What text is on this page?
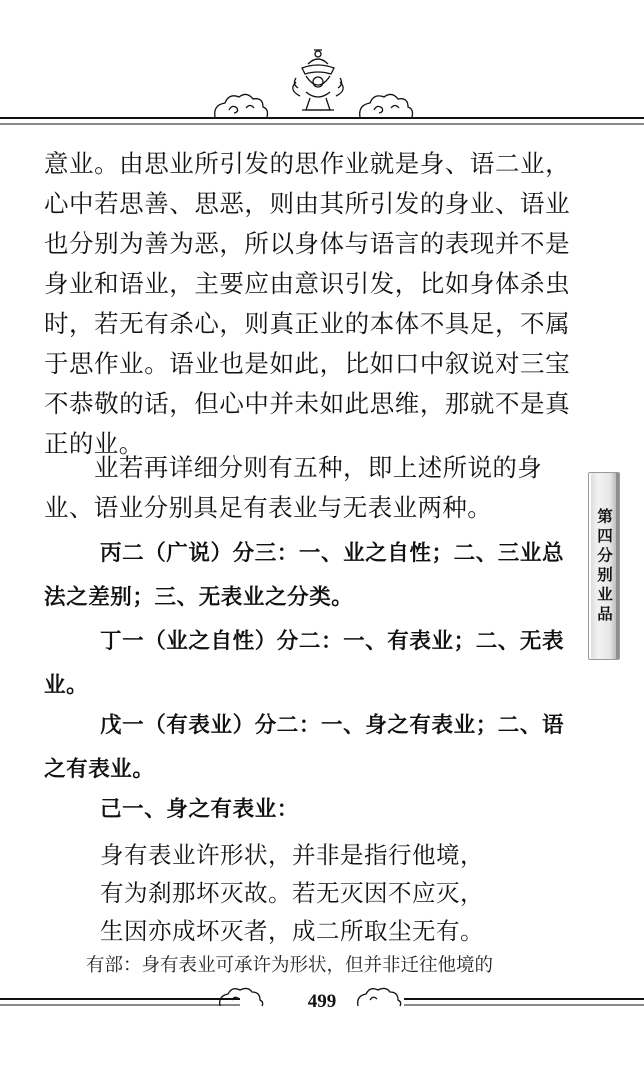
意业。由思业所引发的思作业就是身、语二业，心中若思善、思恶，则由其所引发的身业、语业也分别为善为恶，所以身体与语言的表现并不是身业和语业，主要应由意识引发，比如身体杀虫时，若无有杀心，则真正业的本体不具足，不属于思作业。语业也是如此，比如口中叙说对三宝不恭敬的话，但心中并未如此思维，那就不是真正的业。

业若再详细分则有五种，即上述所说的身业、语业分别具足有表业与无表业两种。

丙二（广说）分三：一、业之自性；二、三业总法之差别；三、无表业之分类。

丁一（业之自性）分二：一、有表业；二、无表业。

戊一（有表业）分二：一、身之有表业；二、语之有表业。

己一、身之有表业：

身有表业许形状，并非是指行他境，
有为刹那坏灭故。若无灭因不应灭，
生因亦成坏灭者，成二所取尘无有。
有部：身有表业可承许为形状，但并非迁往他境的
第四分别业品
499
